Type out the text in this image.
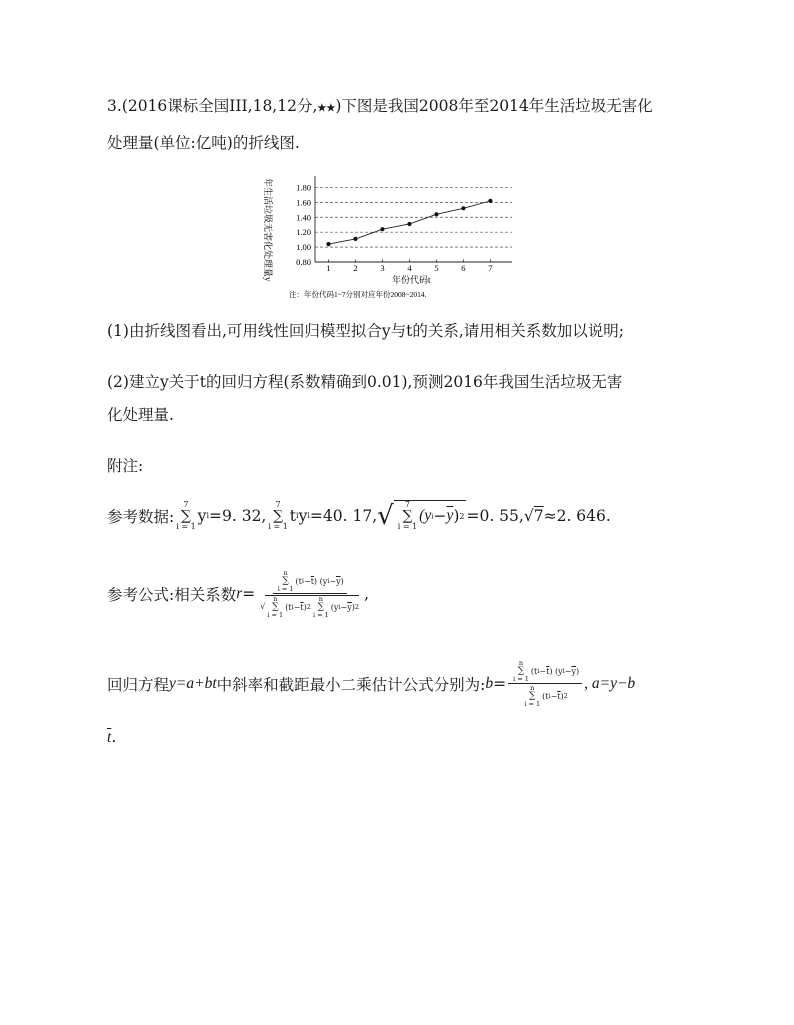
3.(2016课标全国III,18,12分,★★)下图是我国2008年至2014年生活垃圾无害化
处理量(单位:亿吨)的折线图.
0.80
1.00
1.20
1.40
1.60
1.80
1	2	3	4	5	6	7
年生活垃圾无害化处理量y	年份代码t
注：年份代码1~7分别对应年份2008~2014.
(1)由折线图看出,可用线性回归模型拟合y与t的关系,请用相关系数加以说明;
(2)建立y关于t的回归方程(系数精确到0.01),预测2016年我国生活垃圾无害
化处理量.
附注:
参考数据:
7
∑
i = 1
y i =9. 32,
7
∑
i = 1
t i y i =40. 17, √ 7
∑
i = 1
(y $i - \overline{y}$ ) 2 =0. 55, √ 7 ≈2. 646.
参考公式:相关系数 r = n
∑
i = 1
(t $i - \overline{t}$ ) (y $i - \overline{y}$ )
√
n
∑
i = 1
(t $i - \overline{t}$ ) 2
n
∑
i = 1
(y $i - \overline{y}$ ) 2 ,
回归方程 y=a+bt 中斜率和截距最小二乘估计公式分别为: b = n
∑
i = 1
(t $i - \overline{t}$ ) (y $i - \overline{y}$ )
n
∑
i = 1
(t $i - \overline{t}$ ) 2 , a=y−b
$\overline{t}$.
